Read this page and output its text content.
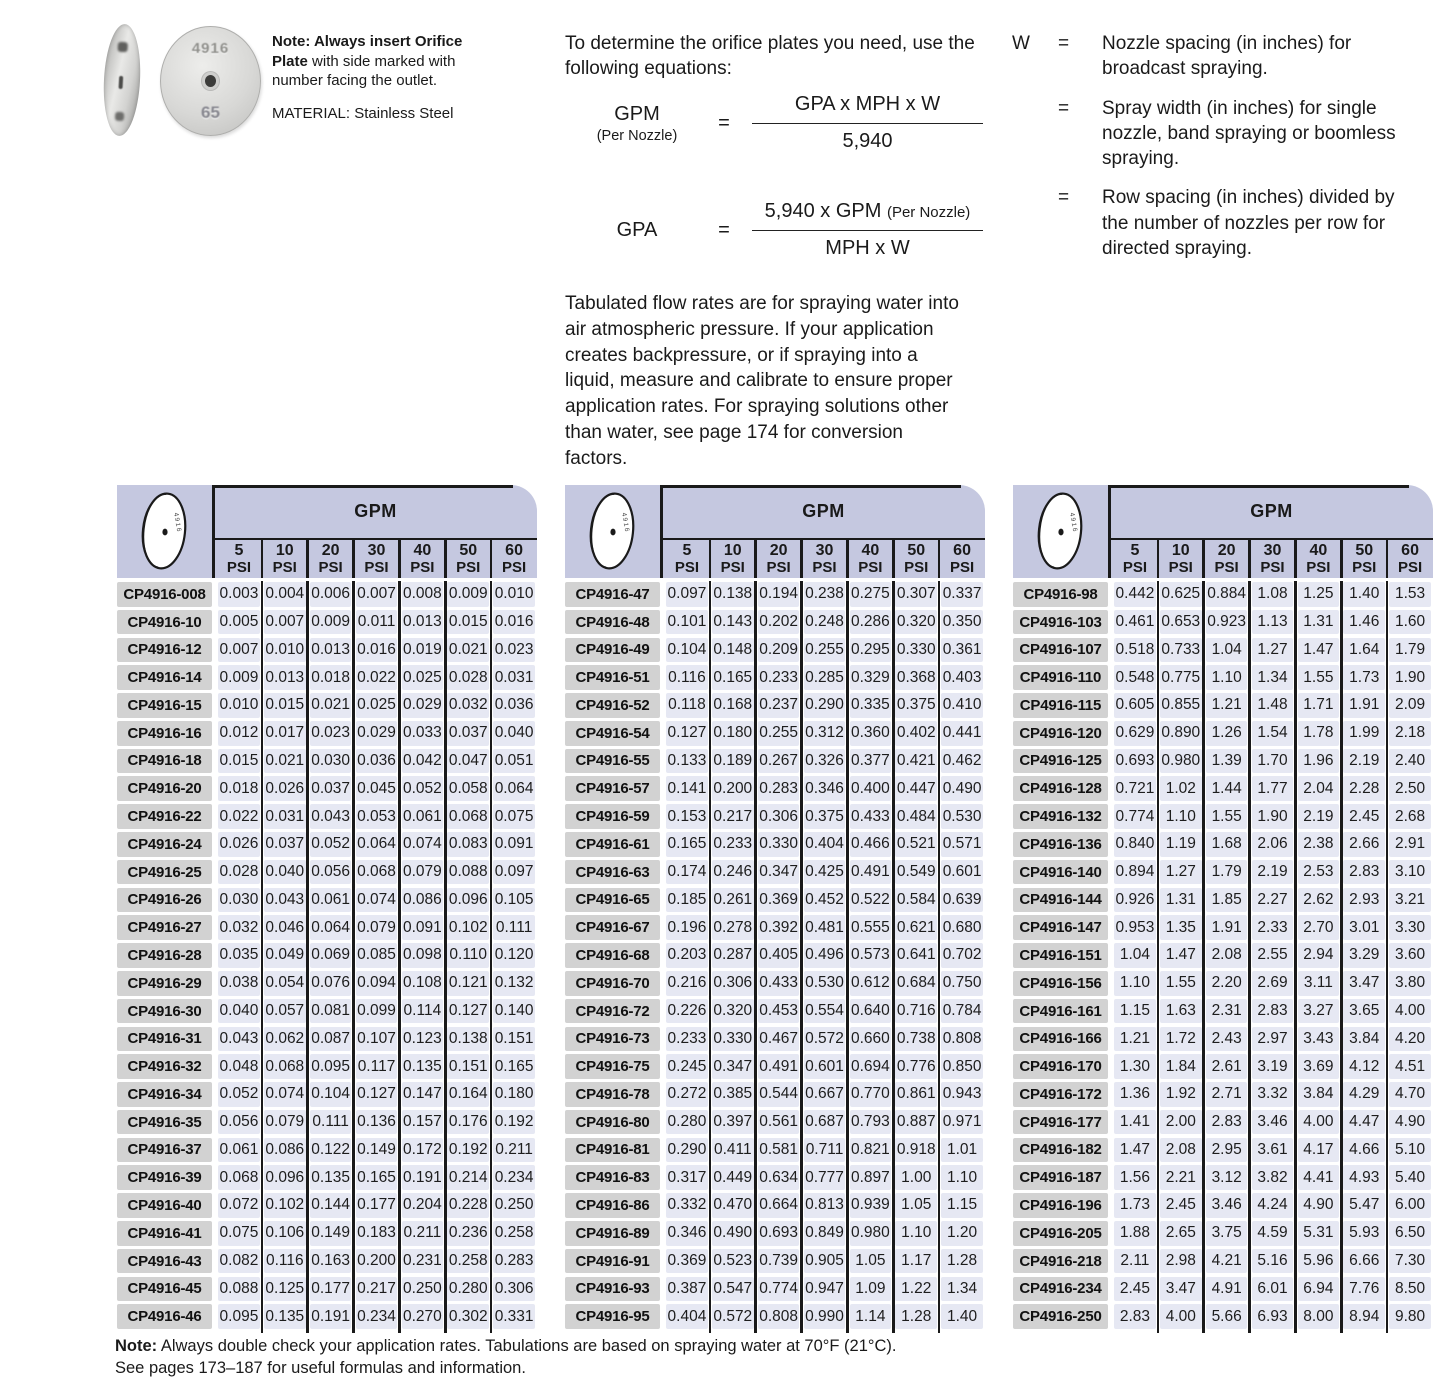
4916
65

Note: Always insert Orifice Plate with side marked with number facing the outlet.

MATERIAL: Stainless Steel

To determine the orifice plates you need, use the following equations:
GPM
(Per Nozzle)
=	$\frac{\text{GPA x MPH x W}}{5,940}$
GPA	=	$\frac{\text{5,940 x GPM (Per Nozzle)}}{\text{MPH x W}}$
Tabulated flow rates are for spraying water into air atmospheric pressure. If your application creates backpressure, or if spraying into a liquid, measure and calibrate to ensure proper application rates. For spraying solutions other than water, see page 174 for conversion factors.
W	=	Nozzle spacing (in inches) for broadcast spraying.
=	Spray width (in inches) for single nozzle, band spraying or boomless spraying.
=	Row spacing (in inches) divided by the number of nozzles per row for directed spraying.
4916
GPM
5
PSI
10
PSI
20
PSI
30
PSI
40
PSI
50
PSI
60
PSI
CP4916-008 0.003 0.004 0.006 0.007 0.008 0.009 0.010
CP4916-10	0.005 0.007 0.009 0.011 0.013 0.015 0.016
CP4916-12	0.007 0.010 0.013 0.016 0.019 0.021 0.023
CP4916-14	0.009 0.013 0.018 0.022 0.025 0.028 0.031
CP4916-15	0.010 0.015 0.021 0.025 0.029 0.032 0.036
CP4916-16	0.012 0.017 0.023 0.029 0.033 0.037 0.040
CP4916-18	0.015 0.021 0.030 0.036 0.042 0.047 0.051
CP4916-20	0.018 0.026 0.037 0.045 0.052 0.058 0.064
CP4916-22	0.022 0.031 0.043 0.053 0.061 0.068 0.075
CP4916-24	0.026 0.037 0.052 0.064 0.074 0.083 0.091
CP4916-25	0.028 0.040 0.056 0.068 0.079 0.088 0.097
CP4916-26	0.030 0.043 0.061 0.074 0.086 0.096 0.105
CP4916-27	0.032 0.046 0.064 0.079 0.091 0.102 0.111
CP4916-28	0.035 0.049 0.069 0.085 0.098 0.110 0.120
CP4916-29	0.038 0.054 0.076 0.094 0.108 0.121 0.132
CP4916-30	0.040 0.057 0.081 0.099 0.114 0.127 0.140
CP4916-31	0.043 0.062 0.087 0.107 0.123 0.138 0.151
CP4916-32	0.048 0.068 0.095 0.117 0.135 0.151 0.165
CP4916-34	0.052 0.074 0.104 0.127 0.147 0.164 0.180
CP4916-35	0.056 0.079 0.111 0.136 0.157 0.176 0.192
CP4916-37	0.061 0.086 0.122 0.149 0.172 0.192 0.211
CP4916-39	0.068 0.096 0.135 0.165 0.191 0.214 0.234
CP4916-40	0.072 0.102 0.144 0.177 0.204 0.228 0.250
CP4916-41	0.075 0.106 0.149 0.183 0.211 0.236 0.258
CP4916-43	0.082 0.116 0.163 0.200 0.231 0.258 0.283
CP4916-45	0.088 0.125 0.177 0.217 0.250 0.280 0.306
CP4916-46	0.095 0.135 0.191 0.234 0.270 0.302 0.331
4916
GPM
5
PSI
10
PSI
20
PSI
30
PSI
40
PSI
50
PSI
60
PSI
CP4916-47	0.097 0.138 0.194 0.238 0.275 0.307 0.337
CP4916-48	0.101 0.143 0.202 0.248 0.286 0.320 0.350
CP4916-49	0.104 0.148 0.209 0.255 0.295 0.330 0.361
CP4916-51	0.116 0.165 0.233 0.285 0.329 0.368 0.403
CP4916-52	0.118 0.168 0.237 0.290 0.335 0.375 0.410
CP4916-54	0.127 0.180 0.255 0.312 0.360 0.402 0.441
CP4916-55	0.133 0.189 0.267 0.326 0.377 0.421 0.462
CP4916-57	0.141 0.200 0.283 0.346 0.400 0.447 0.490
CP4916-59	0.153 0.217 0.306 0.375 0.433 0.484 0.530
CP4916-61	0.165 0.233 0.330 0.404 0.466 0.521 0.571
CP4916-63	0.174 0.246 0.347 0.425 0.491 0.549 0.601
CP4916-65	0.185 0.261 0.369 0.452 0.522 0.584 0.639
CP4916-67	0.196 0.278 0.392 0.481 0.555 0.621 0.680
CP4916-68	0.203 0.287 0.405 0.496 0.573 0.641 0.702
CP4916-70	0.216 0.306 0.433 0.530 0.612 0.684 0.750
CP4916-72	0.226 0.320 0.453 0.554 0.640 0.716 0.784
CP4916-73	0.233 0.330 0.467 0.572 0.660 0.738 0.808
CP4916-75	0.245 0.347 0.491 0.601 0.694 0.776 0.850
CP4916-78	0.272 0.385 0.544 0.667 0.770 0.861 0.943
CP4916-80	0.280 0.397 0.561 0.687 0.793 0.887 0.971
CP4916-81	0.290 0.411 0.581 0.711 0.821 0.918 1.01
CP4916-83	0.317 0.449 0.634 0.777 0.897 1.00	1.10
CP4916-86	0.332 0.470 0.664 0.813 0.939 1.05	1.15
CP4916-89	0.346 0.490 0.693 0.849 0.980 1.10	1.20
CP4916-91	0.369 0.523 0.739 0.905 1.05	1.17	1.28
CP4916-93	0.387 0.547 0.774 0.947 1.09	1.22	1.34
CP4916-95	0.404 0.572 0.808 0.990 1.14	1.28	1.40
4916
GPM
5
PSI
10
PSI
20
PSI
30
PSI
40
PSI
50
PSI
60
PSI
CP4916-98	0.442 0.625 0.884 1.08	1.25	1.40	1.53
CP4916-103 0.461 0.653 0.923 1.13	1.31	1.46	1.60
CP4916-107 0.518 0.733 1.04	1.27	1.47	1.64	1.79
CP4916-110 0.548 0.775 1.10	1.34	1.55	1.73	1.90
CP4916-115 0.605 0.855 1.21	1.48	1.71	1.91	2.09
CP4916-120 0.629 0.890 1.26	1.54	1.78	1.99	2.18
CP4916-125 0.693 0.980 1.39	1.70	1.96	2.19	2.40
CP4916-128 0.721 1.02	1.44	1.77	2.04	2.28	2.50
CP4916-132 0.774 1.10	1.55	1.90	2.19	2.45	2.68
CP4916-136 0.840 1.19	1.68	2.06	2.38	2.66	2.91
CP4916-140 0.894 1.27	1.79	2.19	2.53	2.83	3.10
CP4916-144 0.926 1.31	1.85	2.27	2.62	2.93	3.21
CP4916-147 0.953 1.35	1.91	2.33	2.70	3.01	3.30
CP4916-151	1.04	1.47	2.08	2.55	2.94	3.29	3.60
CP4916-156	1.10	1.55	2.20	2.69	3.11	3.47	3.80
CP4916-161	1.15	1.63	2.31	2.83	3.27	3.65	4.00
CP4916-166	1.21	1.72	2.43	2.97	3.43	3.84	4.20
CP4916-170	1.30	1.84	2.61	3.19	3.69	4.12	4.51
CP4916-172	1.36	1.92	2.71	3.32	3.84	4.29	4.70
CP4916-177	1.41	2.00	2.83	3.46	4.00	4.47	4.90
CP4916-182	1.47	2.08	2.95	3.61	4.17	4.66	5.10
CP4916-187	1.56	2.21	3.12	3.82	4.41	4.93	5.40
CP4916-196	1.73	2.45	3.46	4.24	4.90	5.47	6.00
CP4916-205	1.88	2.65	3.75	4.59	5.31	5.93	6.50
CP4916-218	2.11	2.98	4.21	5.16	5.96	6.66	7.30
CP4916-234	2.45	3.47	4.91	6.01	6.94	7.76	8.50
CP4916-250	2.83	4.00	5.66	6.93	8.00	8.94	9.80
Note: Always double check your application rates. Tabulations are based on spraying water at 70°F (21°C).
See pages 173–187 for useful formulas and information.
